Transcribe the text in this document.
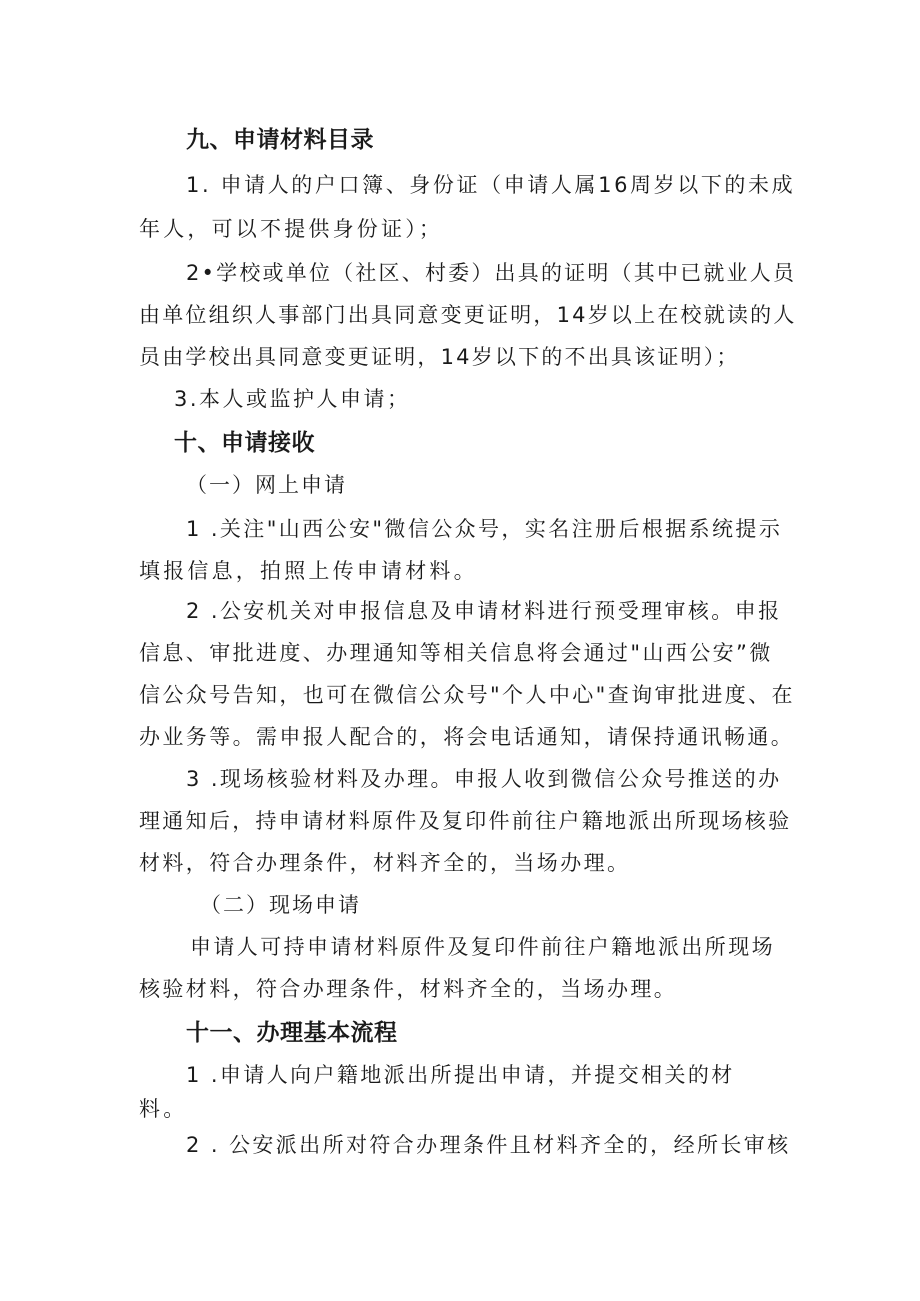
九、申请材料目录

1. 申请人的户口簿、身份证（申请人属16周岁以下的未成

年人，可以不提供身份证）；

2•学校或单位（社区、村委）出具的证明（其中已就业人员

由单位组织人事部门出具同意变更证明，14岁以上在校就读的人

员由学校出具同意变更证明，14岁以下的不出具该证明）；

3.本人或监护人申请；

十、申请接收

（一）网上申请

1 .关注"山西公安"微信公众号，实名注册后根据系统提示

填报信息，拍照上传申请材料。

2 .公安机关对申报信息及申请材料进行预受理审核。申报

信息、审批进度、办理通知等相关信息将会通过"山西公安”微

信公众号告知，也可在微信公众号"个人中心"查询审批进度、在

办业务等。需申报人配合的，将会电话通知，请保持通讯畅通。

3 .现场核验材料及办理。申报人收到微信公众号推送的办

理通知后，持申请材料原件及复印件前往户籍地派出所现场核验

材料，符合办理条件，材料齐全的，当场办理。

（二）现场申请

申请人可持申请材料原件及复印件前往户籍地派出所现场

核验材料，符合办理条件，材料齐全的，当场办理。

十一、办理基本流程

1 .申请人向户籍地派出所提出申请，并提交相关的材

料。

2 . 公安派出所对符合办理条件且材料齐全的，经所长审核
